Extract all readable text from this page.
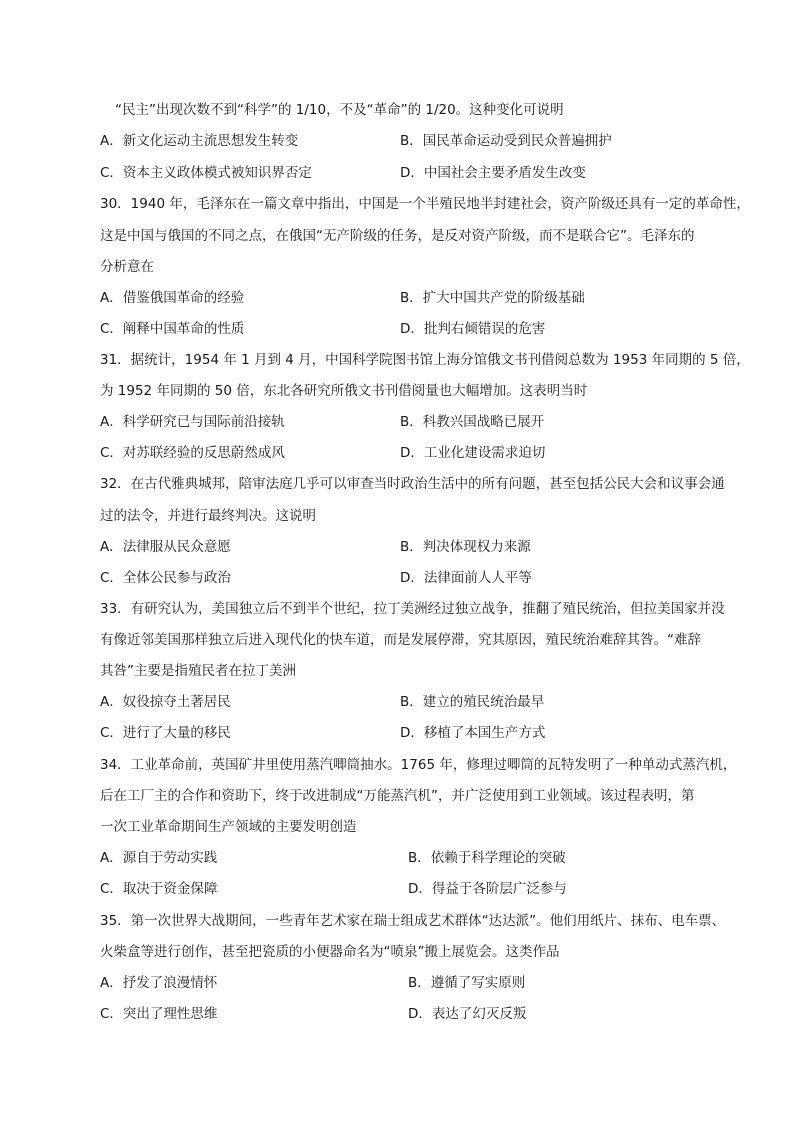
“民主”出现次数不到“科学”的 1/10，不及“革命”的 1/20。这种变化可说明
A．新文化运动主流思想发生转变	B．国民革命运动受到民众普遍拥护
C．资本主义政体模式被知识界否定	D．中国社会主要矛盾发生改变
30．1940 年，毛泽东在一篇文章中指出，中国是一个半殖民地半封建社会，资产阶级还具有一定的革命性，
这是中国与俄国的不同之点，在俄国“无产阶级的任务，是反对资产阶级，而不是联合它”。毛泽东的
分析意在
A．借鉴俄国革命的经验	B．扩大中国共产党的阶级基础
C．阐释中国革命的性质	D．批判右倾错误的危害
31．据统计，1954 年 1 月到 4 月，中国科学院图书馆上海分馆俄文书刊借阅总数为 1953 年同期的 5 倍，
为 1952 年同期的 50 倍，东北各研究所俄文书刊借阅量也大幅增加。这表明当时
A．科学研究已与国际前沿接轨	B．科教兴国战略已展开
C．对苏联经验的反思蔚然成风	D．工业化建设需求迫切
32．在古代雅典城邦，陪审法庭几乎可以审查当时政治生活中的所有问题，甚至包括公民大会和议事会通
过的法令，并进行最终判决。这说明
A．法律服从民众意愿	B．判决体现权力来源
C．全体公民参与政治	D．法律面前人人平等
33．有研究认为，美国独立后不到半个世纪，拉丁美洲经过独立战争，推翻了殖民统治，但拉美国家并没
有像近邻美国那样独立后进入现代化的快车道，而是发展停滞，究其原因，殖民统治难辞其咎。“难辞
其咎”主要是指殖民者在拉丁美洲
A．奴役掠夺土著居民	B．建立的殖民统治最早
C．进行了大量的移民	D．移植了本国生产方式
34．工业革命前，英国矿井里使用蒸汽唧筒抽水。1765 年，修理过唧筒的瓦特发明了一种单动式蒸汽机，
后在工厂主的合作和资助下，终于改进制成“万能蒸汽机”，并广泛使用到工业领域。该过程表明，第
一次工业革命期间生产领域的主要发明创造
A．源自于劳动实践	B．依赖于科学理论的突破
C．取决于资金保障	D．得益于各阶层广泛参与
35．第一次世界大战期间，一些青年艺术家在瑞士组成艺术群体“达达派”。他们用纸片、抹布、电车票、
火柴盒等进行创作，甚至把瓷质的小便器命名为“喷泉”搬上展览会。这类作品
A．抒发了浪漫情怀	B．遵循了写实原则
C．突出了理性思维	D．表达了幻灭反叛
